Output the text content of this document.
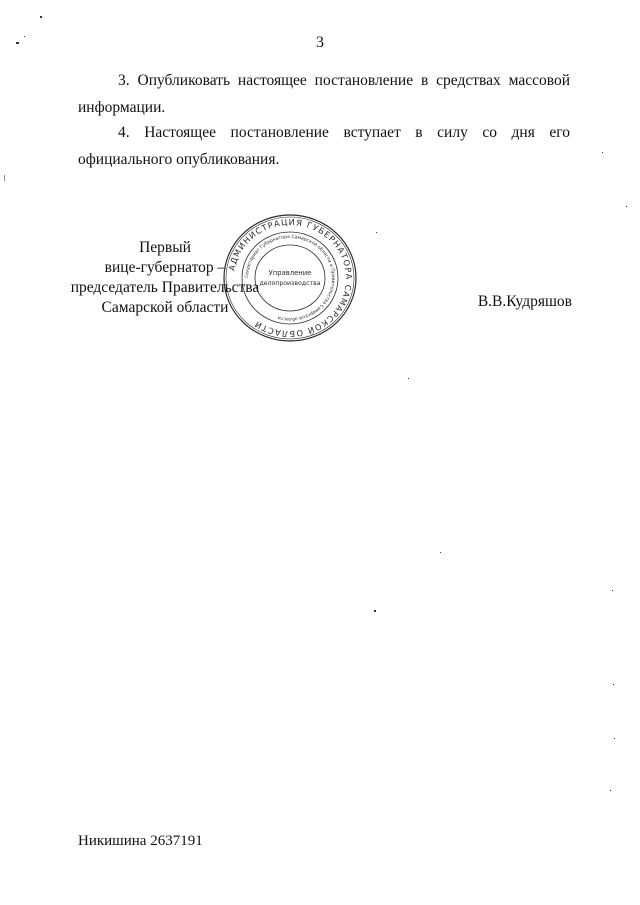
3

3. Опубликовать настоящее постановление в средствах массовой информации.

4. Настоящее постановление вступает в силу со дня его официального опубликования.

Первый
вице-губернатор –
председатель Правительства
Самарской области
АДМИНИСТРАЦИЯ ГУБЕРНАТОРА САМАРСКОЙ ОБЛАСТИ
Секретариат Губернатора Самарской области и Правительства Самарской области
Управление
делопроизводства
В.В.Кудряшов
Никишина 2637191
